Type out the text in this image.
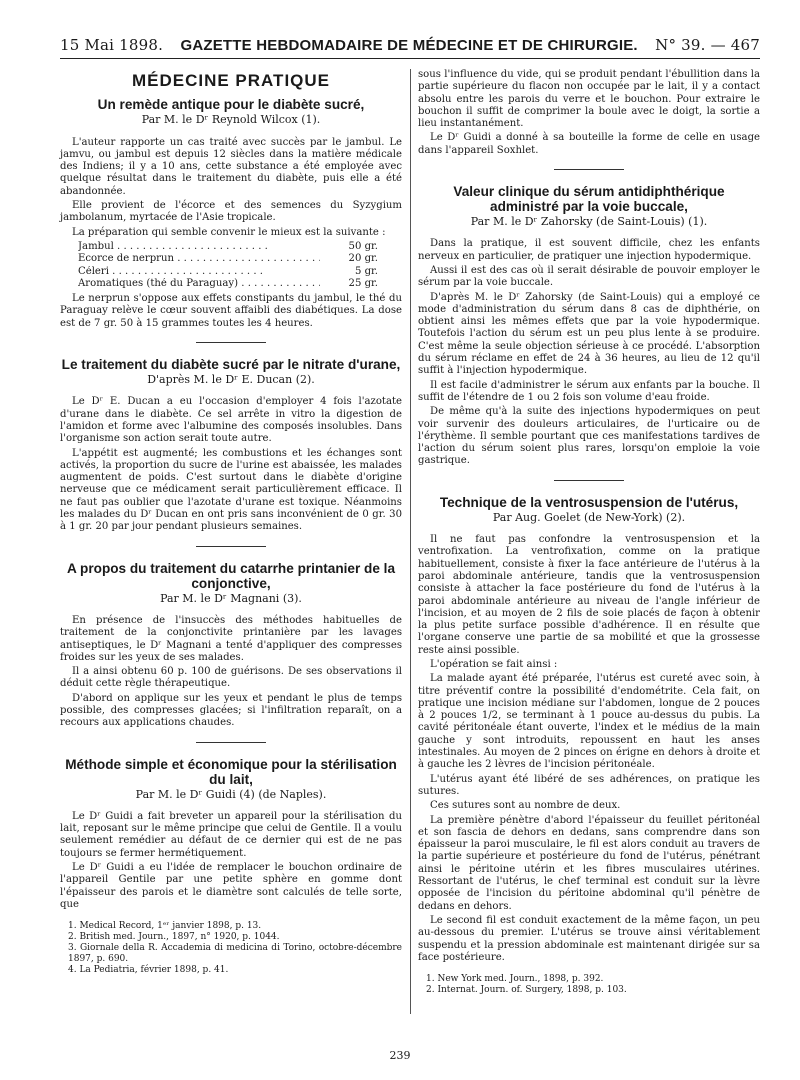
15 Mai 1898. GAZETTE HEBDOMADAIRE DE MÉDECINE ET DE CHIRURGIE. N° 39. — 467
MÉDECINE PRATIQUE
Un remède antique pour le diabète sucré,
Par M. le Dʳ Reynold Wilcox (1).

L'auteur rapporte un cas traité avec succès par le jambul. Le jamvu, ou jambul est depuis 12 siècles dans la matière médicale des Indiens; il y a 10 ans, cette substance a été employée avec quelque résultat dans le traitement du diabète, puis elle a été abandonnée.

Elle provient de l'écorce et des semences du Syzygium jambolanum, myrtacée de l'Asie tropicale.

La préparation qui semble convenir le mieux est la suivante :

Jambul . . .	50 gr.
Ecorce de nerprun . . .	20 gr.
Céleri . . .	5 gr.
Aromatiques (thé du Paraguay) . . .	25 gr.

Le nerprun s'oppose aux effets constipants du jambul, le thé du Paraguay relève le cœur souvent affaibli des diabétiques. La dose est de 7 gr. 50 à 15 grammes toutes les 4 heures.

Le traitement du diabète sucré par le nitrate d'urane,
D'après M. le Dʳ E. Ducan (2).

Le Dʳ E. Ducan a eu l'occasion d'employer 4 fois l'azotate d'urane dans le diabète. Ce sel arrête in vitro la digestion de l'amidon et forme avec l'albumine des composés insolubles. Dans l'organisme son action serait toute autre.

L'appétit est augmenté; les combustions et les échanges sont activés, la proportion du sucre de l'urine est abaissée, les malades augmentent de poids. C'est surtout dans le diabète d'origine nerveuse que ce médicament serait particulièrement efficace. Il ne faut pas oublier que l'azotate d'urane est toxique. Néanmoins les malades du Dʳ Ducan en ont pris sans inconvénient de 0 gr. 30 à 1 gr. 20 par jour pendant plusieurs semaines.

A propos du traitement du catarrhe printanier de la conjonctive,
Par M. le Dʳ Magnani (3).

En présence de l'insuccès des méthodes habituelles de traitement de la conjonctivite printanière par les lavages antiseptiques, le Dʳ Magnani a tenté d'appliquer des compresses froides sur les yeux de ses malades.

Il a ainsi obtenu 60 p. 100 de guérisons. De ses observations il déduit cette règle thérapeutique.

D'abord on applique sur les yeux et pendant le plus de temps possible, des compresses glacées; si l'infiltration reparaît, on a recours aux applications chaudes.

Méthode simple et économique pour la stérilisation du lait,
Par M. le Dʳ Guidi (4) (de Naples).

Le Dʳ Guidi a fait breveter un appareil pour la stérilisation du lait, reposant sur le même principe que celui de Gentile. Il a voulu seulement remédier au défaut de ce dernier qui est de ne pas toujours se fermer hermétiquement.

Le Dʳ Guidi a eu l'idée de remplacer le bouchon ordinaire de l'appareil Gentile par une petite sphère en gomme dont l'épaisseur des parois et le diamètre sont calculés de telle sorte, que

1. Medical Record, 1ᵉʳ janvier 1898, p. 13.
2. British med. Journ., 1897, n° 1920, p. 1044.
3. Giornale della R. Accademia di medicina di Torino, octobre-décembre 1897, p. 690.
4. La Pediatria, février 1898, p. 41.

sous l'influence du vide, qui se produit pendant l'ébullition dans la partie supérieure du flacon non occupée par le lait, il y a contact absolu entre les parois du verre et le bouchon. Pour extraire le bouchon il suffit de comprimer la boule avec le doigt, la sortie a lieu instantanément.

Le Dʳ Guidi a donné à sa bouteille la forme de celle en usage dans l'appareil Soxhlet.

Valeur clinique du sérum antidiphthérique administré par la voie buccale,
Par M. le Dʳ Zahorsky (de Saint-Louis) (1).

Dans la pratique, il est souvent difficile, chez les enfants nerveux en particulier, de pratiquer une injection hypodermique.

Aussi il est des cas où il serait désirable de pouvoir employer le sérum par la voie buccale.

D'après M. le Dʳ Zahorsky (de Saint-Louis) qui a employé ce mode d'administration du sérum dans 8 cas de diphthérie, on obtient ainsi les mêmes effets que par la voie hypodermique. Toutefois l'action du sérum est un peu plus lente à se produire. C'est même la seule objection sérieuse à ce procédé. L'absorption du sérum réclame en effet de 24 à 36 heures, au lieu de 12 qu'il suffit à l'injection hypodermique.

Il est facile d'administrer le sérum aux enfants par la bouche. Il suffit de l'étendre de 1 ou 2 fois son volume d'eau froide.

De même qu'à la suite des injections hypodermiques on peut voir survenir des douleurs articulaires, de l'urticaire ou de l'érythème. Il semble pourtant que ces manifestations tardives de l'action du sérum soient plus rares, lorsqu'on emploie la voie gastrique.

Technique de la ventrosuspension de l'utérus,
Par Aug. Goelet (de New-York) (2).

Il ne faut pas confondre la ventrosuspension et la ventrofixation. La ventrofixation, comme on la pratique habituellement, consiste à fixer la face antérieure de l'utérus à la paroi abdominale antérieure, tandis que la ventrosuspension consiste à attacher la face postérieure du fond de l'utérus à la paroi abdominale antérieure au niveau de l'angle inférieur de l'incision, et au moyen de 2 fils de soie placés de façon à obtenir la plus petite surface possible d'adhérence. Il en résulte que l'organe conserve une partie de sa mobilité et que la grossesse reste ainsi possible.

L'opération se fait ainsi :

La malade ayant été préparée, l'utérus est cureté avec soin, à titre préventif contre la possibilité d'endométrite. Cela fait, on pratique une incision médiane sur l'abdomen, longue de 2 pouces à 2 pouces 1/2, se terminant à 1 pouce au-dessus du pubis. La cavité péritonéale étant ouverte, l'index et le médius de la main gauche y sont introduits, repoussent en haut les anses intestinales. Au moyen de 2 pinces on érigne en dehors à droite et à gauche les 2 lèvres de l'incision péritonéale.

L'utérus ayant été libéré de ses adhérences, on pratique les sutures.

Ces sutures sont au nombre de deux.

La première pénètre d'abord l'épaisseur du feuillet péritonéal et son fascia de dehors en dedans, sans comprendre dans son épaisseur la paroi musculaire, le fil est alors conduit au travers de la partie supérieure et postérieure du fond de l'utérus, pénétrant ainsi le péritoine utérin et les fibres musculaires utérines. Ressortant de l'utérus, le chef terminal est conduit sur la lèvre opposée de l'incision du péritoine abdominal qu'il pénètre de dedans en dehors.

Le second fil est conduit exactement de la même façon, un peu au-dessous du premier. L'utérus se trouve ainsi véritablement suspendu et la pression abdominale est maintenant dirigée sur sa face postérieure.

1. New York med. Journ., 1898, p. 392.
2. Internat. Journ. of. Surgery, 1898, p. 103.
239
